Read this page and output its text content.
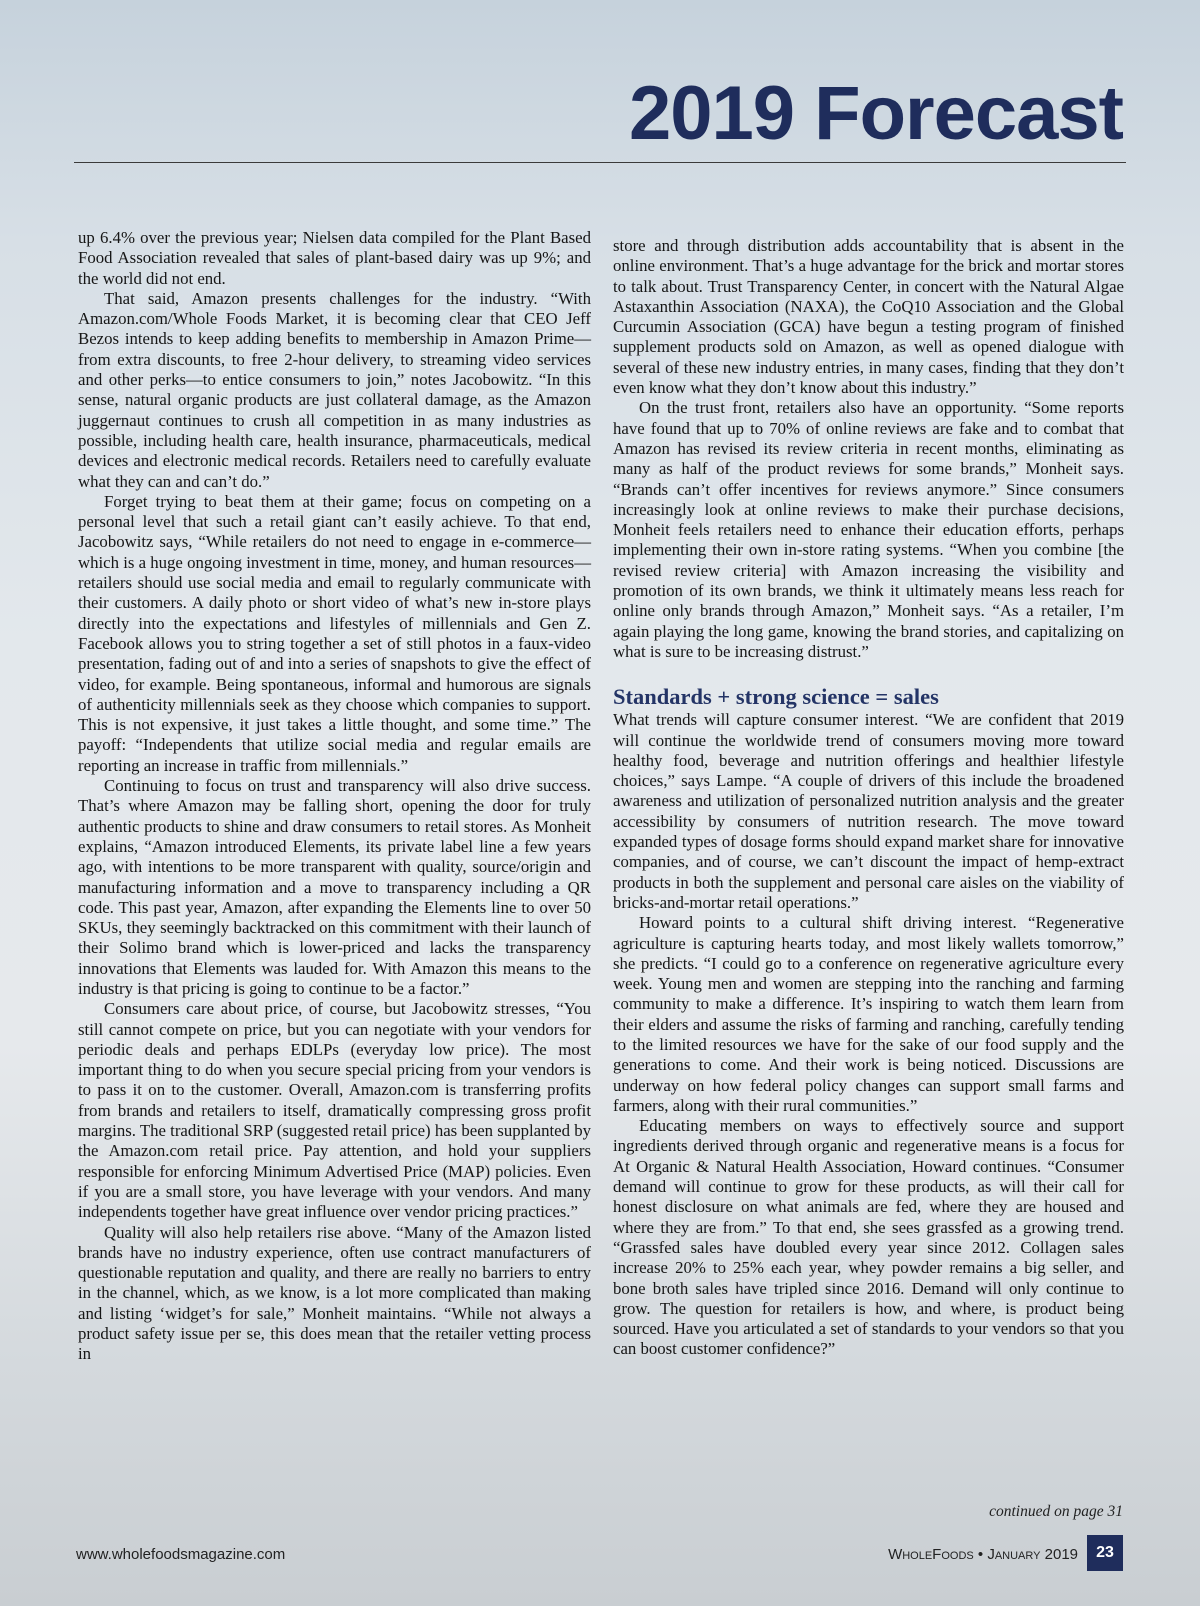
2019 Forecast

up 6.4% over the previous year; Nielsen data compiled for the Plant Based Food Association revealed that sales of plant-based dairy was up 9%; and the world did not end.

That said, Amazon presents challenges for the industry. “With Amazon.com/Whole Foods Market, it is becoming clear that CEO Jeff Bezos intends to keep adding benefits to membership in Amazon Prime—from extra discounts, to free 2-hour delivery, to streaming video services and other perks—to entice consumers to join,” notes Jacobowitz. “In this sense, natural organic products are just collateral damage, as the Amazon juggernaut continues to crush all competition in as many industries as possible, including health care, health insurance, pharmaceuticals, medical devices and electronic medical records. Retailers need to carefully evaluate what they can and can’t do.”

Forget trying to beat them at their game; focus on competing on a personal level that such a retail giant can’t easily achieve. To that end, Jacobowitz says, “While retailers do not need to engage in e-commerce—which is a huge ongoing investment in time, money, and human resources—retailers should use social media and email to regularly communicate with their customers. A daily photo or short video of what’s new in-store plays directly into the expectations and lifestyles of millennials and Gen Z. Facebook allows you to string together a set of still photos in a faux-video presentation, fading out of and into a series of snapshots to give the effect of video, for example. Being spontaneous, informal and humorous are signals of authenticity millennials seek as they choose which companies to support. This is not expensive, it just takes a little thought, and some time.” The payoff: “Independents that utilize social media and regular emails are reporting an increase in traffic from millennials.”

Continuing to focus on trust and transparency will also drive success. That’s where Amazon may be falling short, opening the door for truly authentic products to shine and draw consumers to retail stores. As Monheit explains, “Amazon introduced Elements, its private label line a few years ago, with intentions to be more transparent with quality, source/origin and manufacturing information and a move to transparency including a QR code. This past year, Amazon, after expanding the Elements line to over 50 SKUs, they seemingly backtracked on this commitment with their launch of their Solimo brand which is lower-priced and lacks the transparency innovations that Elements was lauded for. With Amazon this means to the industry is that pricing is going to continue to be a factor.”

Consumers care about price, of course, but Jacobowitz stresses, “You still cannot compete on price, but you can negotiate with your vendors for periodic deals and perhaps EDLPs (everyday low price). The most important thing to do when you secure special pricing from your vendors is to pass it on to the customer. Overall, Amazon.com is transferring profits from brands and retailers to itself, dramatically compressing gross profit margins. The traditional SRP (suggested retail price) has been supplanted by the Amazon.com retail price. Pay attention, and hold your suppliers responsible for enforcing Minimum Advertised Price (MAP) policies. Even if you are a small store, you have leverage with your vendors. And many independents together have great influence over vendor pricing practices.”

Quality will also help retailers rise above. “Many of the Amazon listed brands have no industry experience, often use contract manufacturers of questionable reputation and quality, and there are really no barriers to entry in the channel, which, as we know, is a lot more complicated than making and listing ‘widget’s for sale,” Monheit maintains. “While not always a product safety issue per se, this does mean that the retailer vetting process in

store and through distribution adds accountability that is absent in the online environment. That’s a huge advantage for the brick and mortar stores to talk about. Trust Transparency Center, in concert with the Natural Algae Astaxanthin Association (NAXA), the CoQ10 Association and the Global Curcumin Association (GCA) have begun a testing program of finished supplement products sold on Amazon, as well as opened dialogue with several of these new industry entries, in many cases, finding that they don’t even know what they don’t know about this industry.”

On the trust front, retailers also have an opportunity. “Some reports have found that up to 70% of online reviews are fake and to combat that Amazon has revised its review criteria in recent months, eliminating as many as half of the product reviews for some brands,” Monheit says. “Brands can’t offer incentives for reviews anymore.” Since consumers increasingly look at online reviews to make their purchase decisions, Monheit feels retailers need to enhance their education efforts, perhaps implementing their own in-store rating systems. “When you combine [the revised review criteria] with Amazon increasing the visibility and promotion of its own brands, we think it ultimately means less reach for online only brands through Amazon,” Monheit says. “As a retailer, I’m again playing the long game, knowing the brand stories, and capitalizing on what is sure to be increasing distrust.”

Standards + strong science = sales

What trends will capture consumer interest. “We are confident that 2019 will continue the worldwide trend of consumers moving more toward healthy food, beverage and nutrition offerings and healthier lifestyle choices,” says Lampe. “A couple of drivers of this include the broadened awareness and utilization of personalized nutrition analysis and the greater accessibility by consumers of nutrition research. The move toward expanded types of dosage forms should expand market share for innovative companies, and of course, we can’t discount the impact of hemp-extract products in both the supplement and personal care aisles on the viability of bricks-and-mortar retail operations.”

Howard points to a cultural shift driving interest. “Regenerative agriculture is capturing hearts today, and most likely wallets tomorrow,” she predicts. “I could go to a conference on regenerative agriculture every week. Young men and women are stepping into the ranching and farming community to make a difference. It’s inspiring to watch them learn from their elders and assume the risks of farming and ranching, carefully tending to the limited resources we have for the sake of our food supply and the generations to come. And their work is being noticed. Discussions are underway on how federal policy changes can support small farms and farmers, along with their rural communities.”

Educating members on ways to effectively source and support ingredients derived through organic and regenerative means is a focus for At Organic & Natural Health Association, Howard continues. “Consumer demand will continue to grow for these products, as will their call for honest disclosure on what animals are fed, where they are housed and where they are from.” To that end, she sees grassfed as a growing trend. “Grassfed sales have doubled every year since 2012. Collagen sales increase 20% to 25% each year, whey powder remains a big seller, and bone broth sales have tripled since 2016. Demand will only continue to grow. The question for retailers is how, and where, is product being sourced. Have you articulated a set of standards to your vendors so that you can boost customer confidence?”

continued on page 31
www.wholefoodsmagazine.com	WholeFoods • January 2019	23
